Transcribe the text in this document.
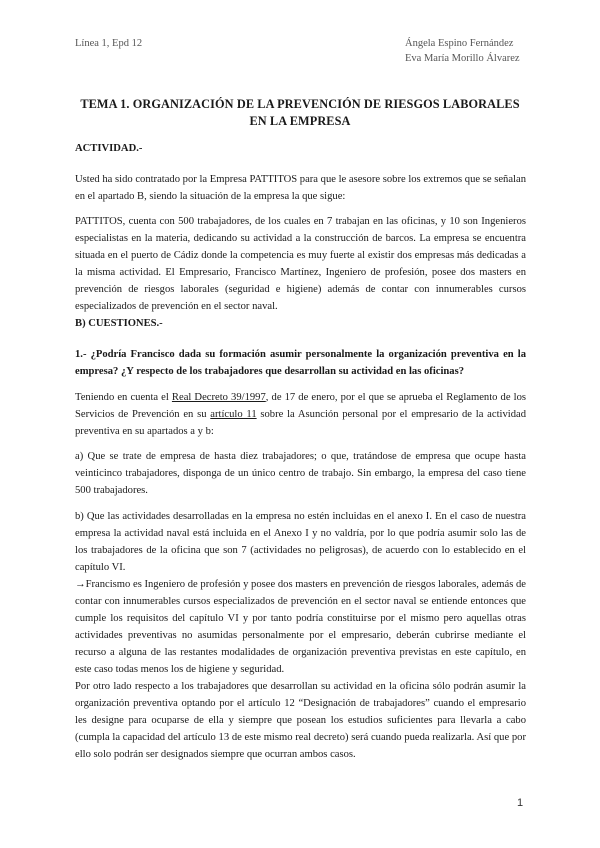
Línea 1, Epd 12	Ángela Espino Fernández
Eva María Morillo Álvarez
TEMA 1. ORGANIZACIÓN DE LA PREVENCIÓN DE RIESGOS LABORALES EN LA EMPRESA

ACTIVIDAD.-

Usted ha sido contratado por la Empresa PATTITOS para que le asesore sobre los extremos que se señalan en el apartado B, siendo la situación de la empresa la que sigue:

PATTITOS, cuenta con 500 trabajadores, de los cuales en 7 trabajan en las oficinas, y 10 son Ingenieros especialistas en la materia, dedicando su actividad a la construcción de barcos. La empresa se encuentra situada en el puerto de Cádiz donde la competencia es muy fuerte al existir dos empresas más dedicadas a la misma actividad. El Empresario, Francisco Martínez, Ingeniero de profesión, posee dos masters en prevención de riesgos laborales (seguridad e higiene) además de contar con innumerables cursos especializados de prevención en el sector naval.

B) CUESTIONES.-

1.- ¿Podría Francisco dada su formación asumir personalmente la organización preventiva en la empresa? ¿Y respecto de los trabajadores que desarrollan su actividad en las oficinas?

Teniendo en cuenta el Real Decreto 39/1997, de 17 de enero, por el que se aprueba el Reglamento de los Servicios de Prevención en su artículo 11 sobre la Asunción personal por el empresario de la actividad preventiva en su apartados a y b:

a) Que se trate de empresa de hasta diez trabajadores; o que, tratándose de empresa que ocupe hasta veinticinco trabajadores, disponga de un único centro de trabajo. Sin embargo, la empresa del caso tiene 500 trabajadores.

b) Que las actividades desarrolladas en la empresa no estén incluidas en el anexo I. En el caso de nuestra empresa la actividad naval está incluida en el Anexo I y no valdría, por lo que podría asumir solo las de los trabajadores de la oficina que son 7 (actividades no peligrosas), de acuerdo con lo establecido en el capítulo VI.

→Francismo es Ingeniero de profesión y posee dos masters en prevención de riesgos laborales, además de contar con innumerables cursos especializados de prevención en el sector naval se entiende entonces que cumple los requisitos del capítulo VI y por tanto podría constituirse por el mismo pero aquellas otras actividades preventivas no asumidas personalmente por el empresario, deberán cubrirse mediante el recurso a alguna de las restantes modalidades de organización preventiva previstas en este capítulo, en este caso todas menos los de higiene y seguridad.

Por otro lado respecto a los trabajadores que desarrollan su actividad en la oficina sólo podrán asumir la organización preventiva optando por el artículo 12 “Designación de trabajadores” cuando el empresario les designe para ocuparse de ella y siempre que posean los estudios suficientes para llevarla a cabo (cumpla la capacidad del artículo 13 de este mismo real decreto) será cuando pueda realizarla. Así que por ello solo podrán ser designados siempre que ocurran ambos casos.

1
